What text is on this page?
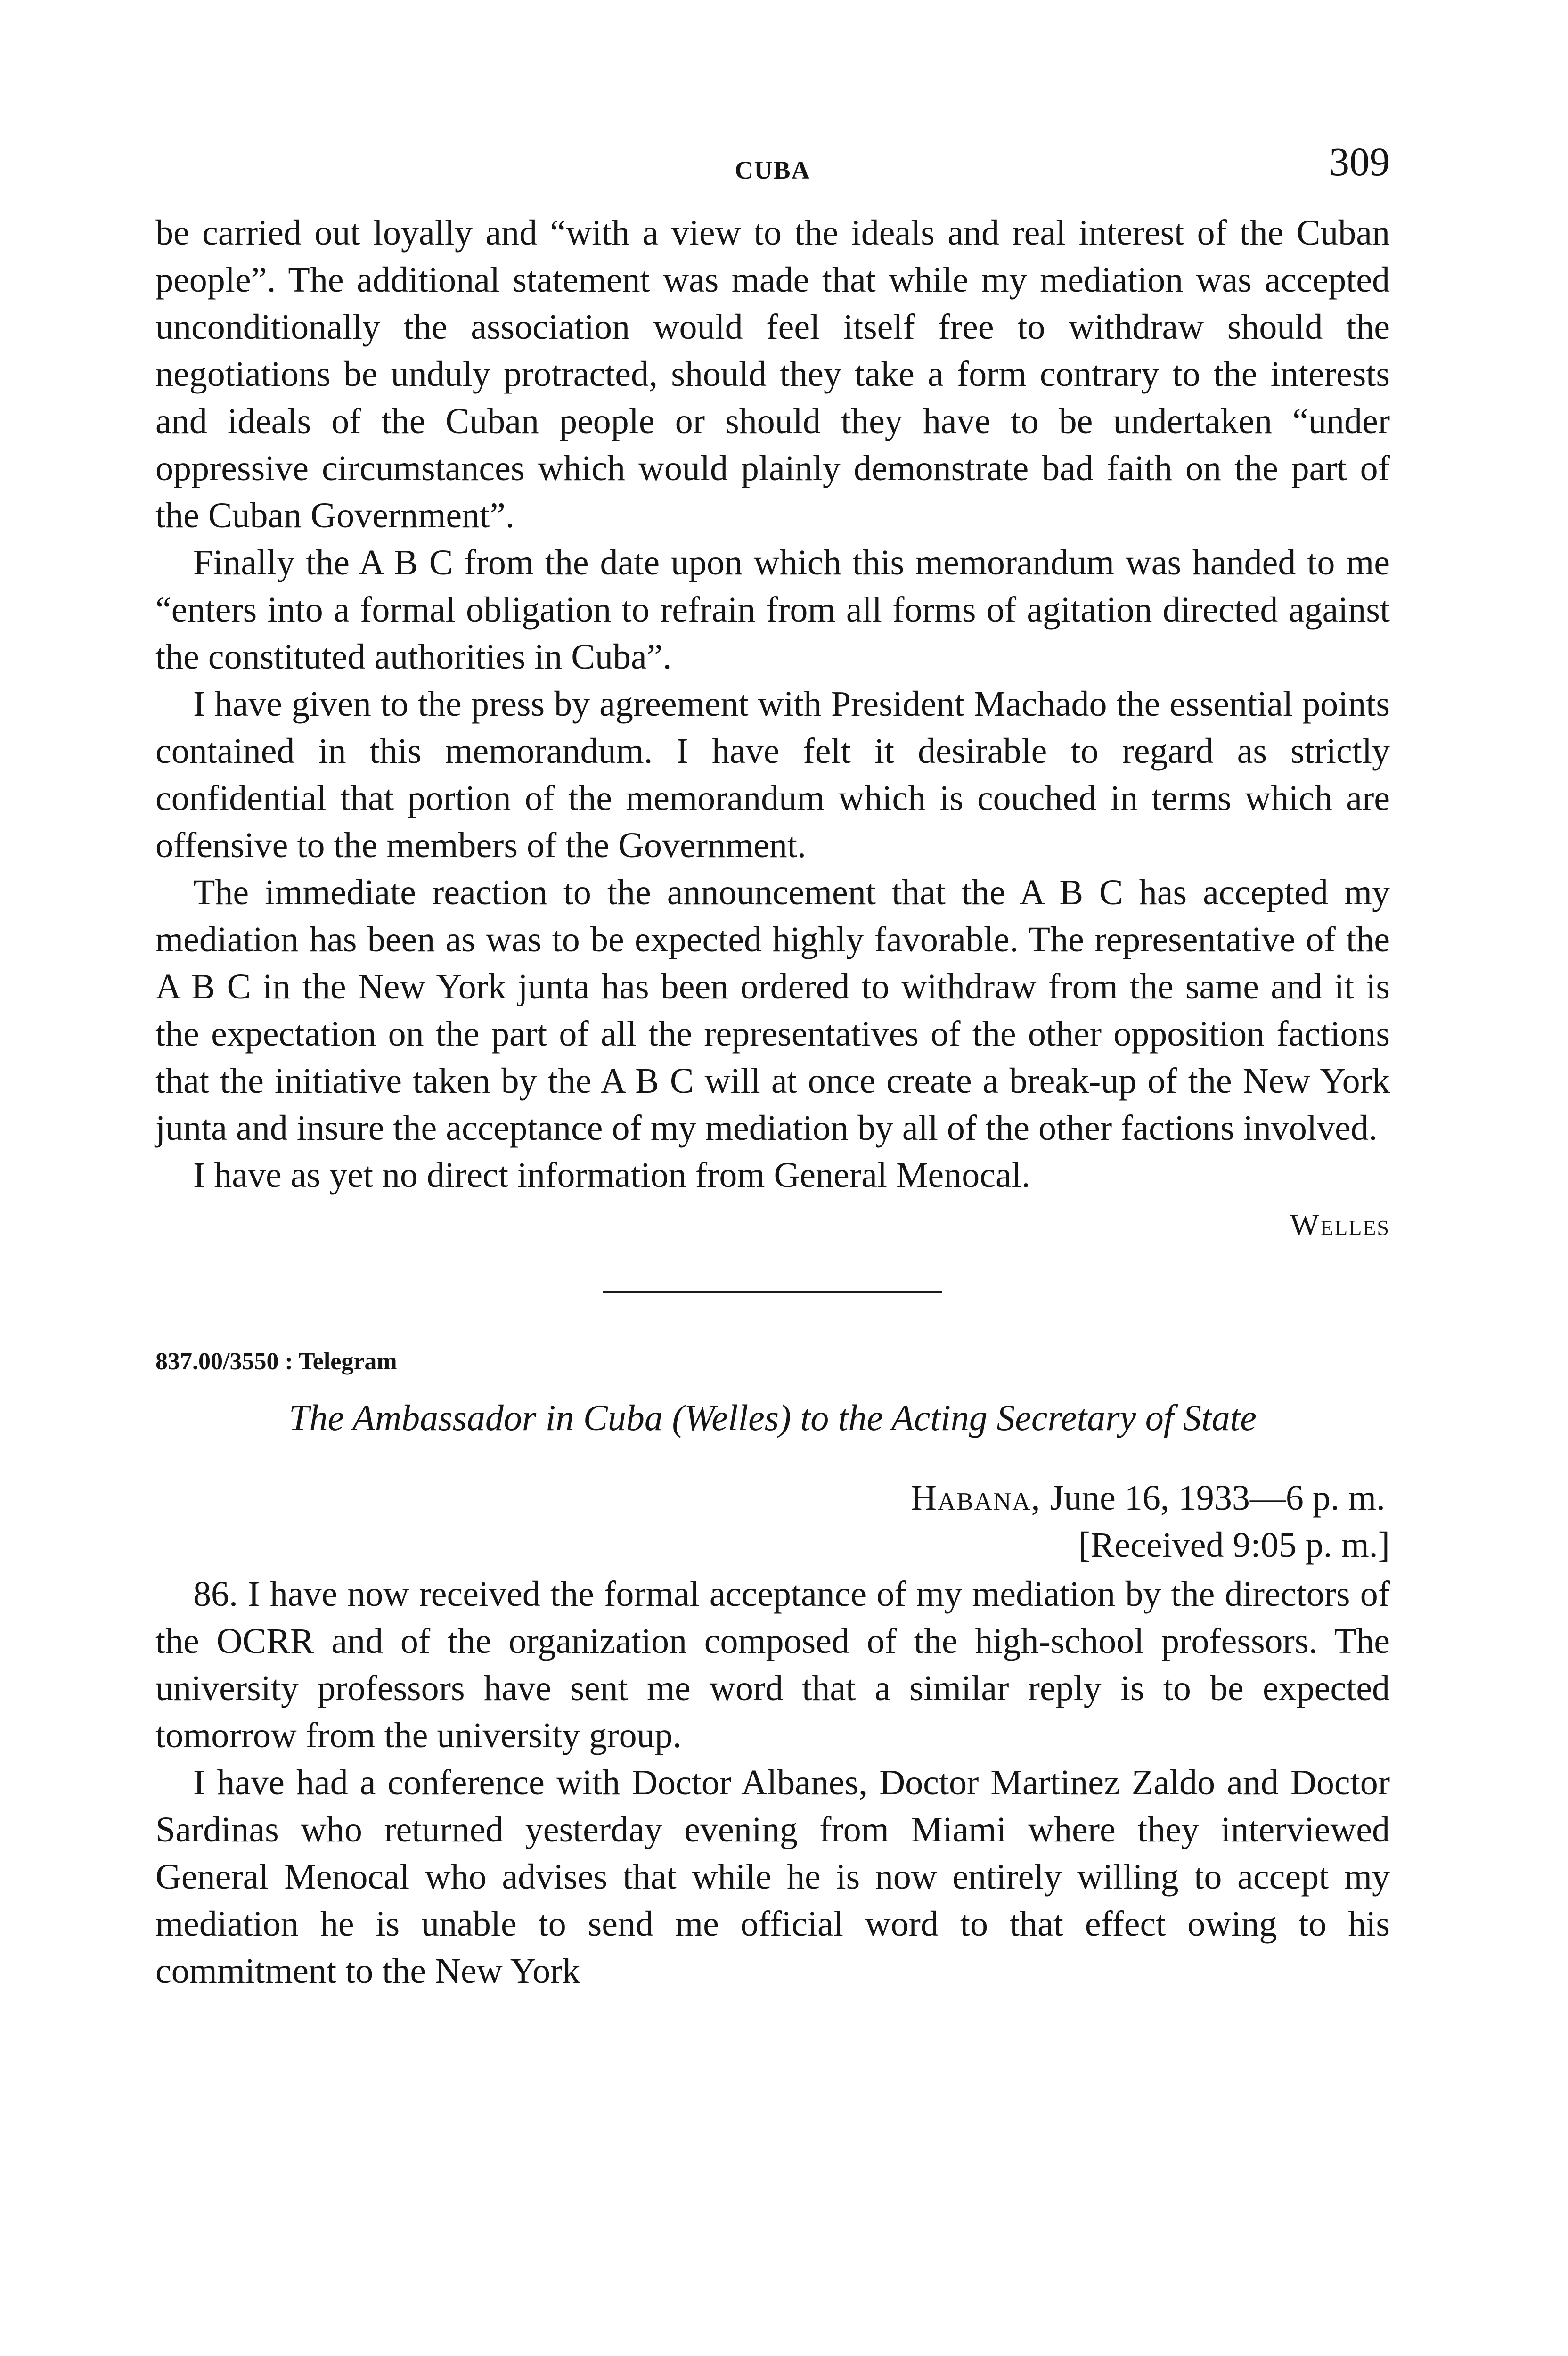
CUBA	309

be carried out loyally and “with a view to the ideals and real interest of the Cuban people”. The additional statement was made that while my mediation was accepted unconditionally the association would feel itself free to withdraw should the negotiations be unduly protracted, should they take a form contrary to the interests and ideals of the Cuban people or should they have to be undertaken “under oppressive circumstances which would plainly demonstrate bad faith on the part of the Cuban Government”.

Finally the A B C from the date upon which this memorandum was handed to me “enters into a formal obligation to refrain from all forms of agitation directed against the constituted authorities in Cuba”.

I have given to the press by agreement with President Machado the essential points contained in this memorandum. I have felt it desirable to regard as strictly confidential that portion of the memorandum which is couched in terms which are offensive to the members of the Government.

The immediate reaction to the announcement that the A B C has accepted my mediation has been as was to be expected highly favorable. The representative of the A B C in the New York junta has been ordered to withdraw from the same and it is the expectation on the part of all the representatives of the other opposition factions that the initiative taken by the A B C will at once create a break-up of the New York junta and insure the acceptance of my mediation by all of the other factions involved.

I have as yet no direct information from General Menocal.

Welles
837.00/3550 : Telegram
The Ambassador in Cuba (Welles) to the Acting Secretary of State
Habana, June 16, 1933—6 p. m.
[Received 9:05 p. m.]

86. I have now received the formal acceptance of my mediation by the directors of the OCRR and of the organization composed of the high-school professors. The university professors have sent me word that a similar reply is to be expected tomorrow from the university group.

I have had a conference with Doctor Albanes, Doctor Martinez Zaldo and Doctor Sardinas who returned yesterday evening from Miami where they interviewed General Menocal who advises that while he is now entirely willing to accept my mediation he is unable to send me official word to that effect owing to his commitment to the New York
